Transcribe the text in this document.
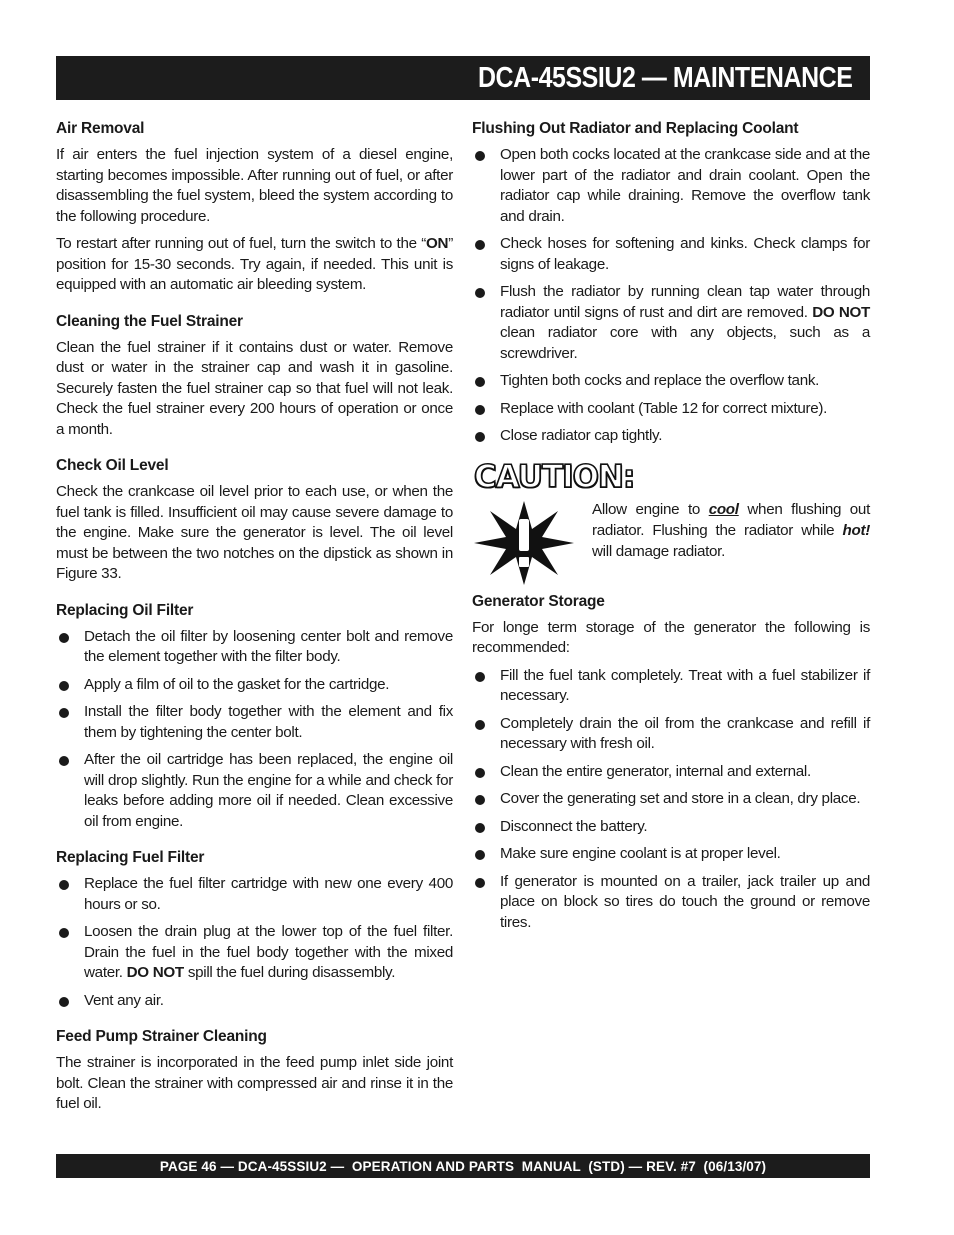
DCA-45SSIU2 — MAINTENANCE
Air Removal

If air enters the fuel injection system of a diesel engine, starting becomes impossible. After running out of fuel, or after disassembling the fuel system, bleed the system according to the following procedure.

To restart after running out of fuel, turn the switch to the “ON” position for 15-30 seconds. Try again, if needed. This unit is equipped with an automatic air bleeding system.

Cleaning the Fuel Strainer

Clean the fuel strainer if it contains dust or water. Remove dust or water in the strainer cap and wash it in gasoline. Securely fasten the fuel strainer cap so that fuel will not leak. Check the fuel strainer every 200 hours of operation or once a month.

Check Oil Level

Check the crankcase oil level prior to each use, or when the fuel tank is filled. Insufficient oil may cause severe damage to the engine. Make sure the generator is level. The oil level must be between the two notches on the dipstick as shown in Figure 33.

Replacing Oil Filter
Detach the oil filter by loosening center bolt and remove the element together with the filter body.
Apply a film of oil to the gasket for the cartridge.
Install the filter body together with the element and fix them by tightening the center bolt.
After the oil cartridge has been replaced, the engine oil will drop slightly. Run the engine for a while and check for leaks before adding more oil if needed. Clean excessive oil from engine.
Replacing Fuel Filter
Replace the fuel filter cartridge with new one every 400 hours or so.
Loosen the drain plug at the lower top of the fuel filter. Drain the fuel in the fuel body together with the mixed water. DO NOT spill the fuel during disassembly.
Vent any air.
Feed Pump Strainer Cleaning

The strainer is incorporated in the feed pump inlet side joint bolt. Clean the strainer with compressed air and rinse it in the fuel oil.

Flushing Out Radiator and Replacing Coolant
Open both cocks located at the crankcase side and at the lower part of the radiator and drain coolant. Open the radiator cap while draining. Remove the overflow tank and drain.
Check hoses for softening and kinks. Check clamps for signs of leakage.
Flush the radiator by running clean tap water through radiator until signs of rust and dirt are removed. DO NOT clean radiator core with any objects, such as a screwdriver.
Tighten both cocks and replace the overflow tank.
Replace with coolant (Table 12 for correct mixture).
Close radiator cap tightly.
CAUTION:
Allow engine to cool when flushing out radiator. Flushing the radiator while hot! will damage radiator.
Generator Storage

For longe term storage of the generator the following is recommended:

Fill the fuel tank completely. Treat with a fuel stabilizer if necessary.
Completely drain the oil from the crankcase and refill if necessary with fresh oil.
Clean the entire generator, internal and external.
Cover the generating set and store in a clean, dry place.
Disconnect the battery.
Make sure engine coolant is at proper level.
If generator is mounted on a trailer, jack trailer up and place on block so tires do touch the ground or remove tires.
PAGE 46 — DCA-45SSIU2 —  OPERATION AND PARTS  MANUAL  (STD) — REV. #7  (06/13/07)
